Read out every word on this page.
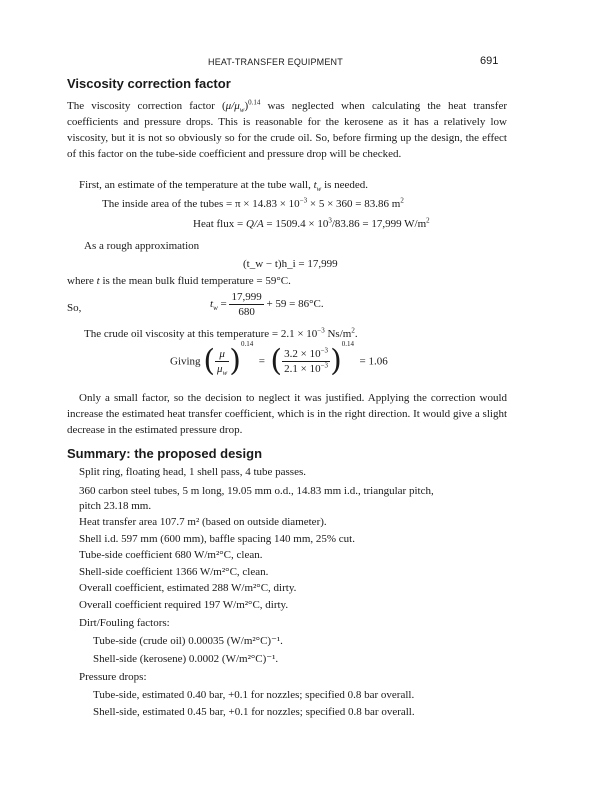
HEAT-TRANSFER EQUIPMENT	691
Viscosity correction factor
The viscosity correction factor $(\mu/\mu_w)^{0.14}$ was neglected when calculating the heat transfer coefficients and pressure drops. This is reasonable for the kerosene as it has a relatively low viscosity, but it is not so obviously so for the crude oil. So, before firming up the design, the effect of this factor on the tube-side coefficient and pressure drop will be checked.
First, an estimate of the temperature at the tube wall, $t_w$ is needed.
The inside area of the tubes = $\pi \times 14.83 \times 10^{-3} \times 5 \times 360 = 83.86$ $m^2$
Heat flux = $Q/A = 1509.4 \times 10^3/83.86 = 17,999$ $W/m^2$
As a rough approximation
(t_w − t)h_i = 17,999
where t is the mean bulk fluid temperature = 59°C.
So,	$t_w = \frac{17,999}{680} + 59 = 86^\circ C$.
The crude oil viscosity at this temperature = $2.1 \times 10^{-3}$ $Ns/m^2$.
Giving ( $\frac{\mu}{\mu_w} )^{0.14}$  =  ( $\frac{3.2 \times 10^{-3}}{2.1 \times 10^{-3}} )^{0.14} = 1.06$
Only a small factor, so the decision to neglect it was justified. Applying the correction would increase the estimated heat transfer coefficient, which is in the right direction. It would give a slight decrease in the estimated pressure drop.
Summary: the proposed design
Split ring, floating head, 1 shell pass, 4 tube passes.
360 carbon steel tubes, 5 m long, 19.05 mm o.d., 14.83 mm i.d., triangular pitch,
pitch 23.18 mm.
Heat transfer area 107.7 m² (based on outside diameter).
Shell i.d. 597 mm (600 mm), baffle spacing 140 mm, 25% cut.
Tube-side coefficient 680 W/m²°C, clean.
Shell-side coefficient 1366 W/m²°C, clean.
Overall coefficient, estimated 288 W/m²°C, dirty.
Overall coefficient required 197 W/m²°C, dirty.
Dirt/Fouling factors:
Tube-side (crude oil) 0.00035 (W/m²°C)⁻¹.
Shell-side (kerosene) 0.0002 (W/m²°C)⁻¹.
Pressure drops:
Tube-side, estimated 0.40 bar, +0.1 for nozzles; specified 0.8 bar overall.
Shell-side, estimated 0.45 bar, +0.1 for nozzles; specified 0.8 bar overall.
